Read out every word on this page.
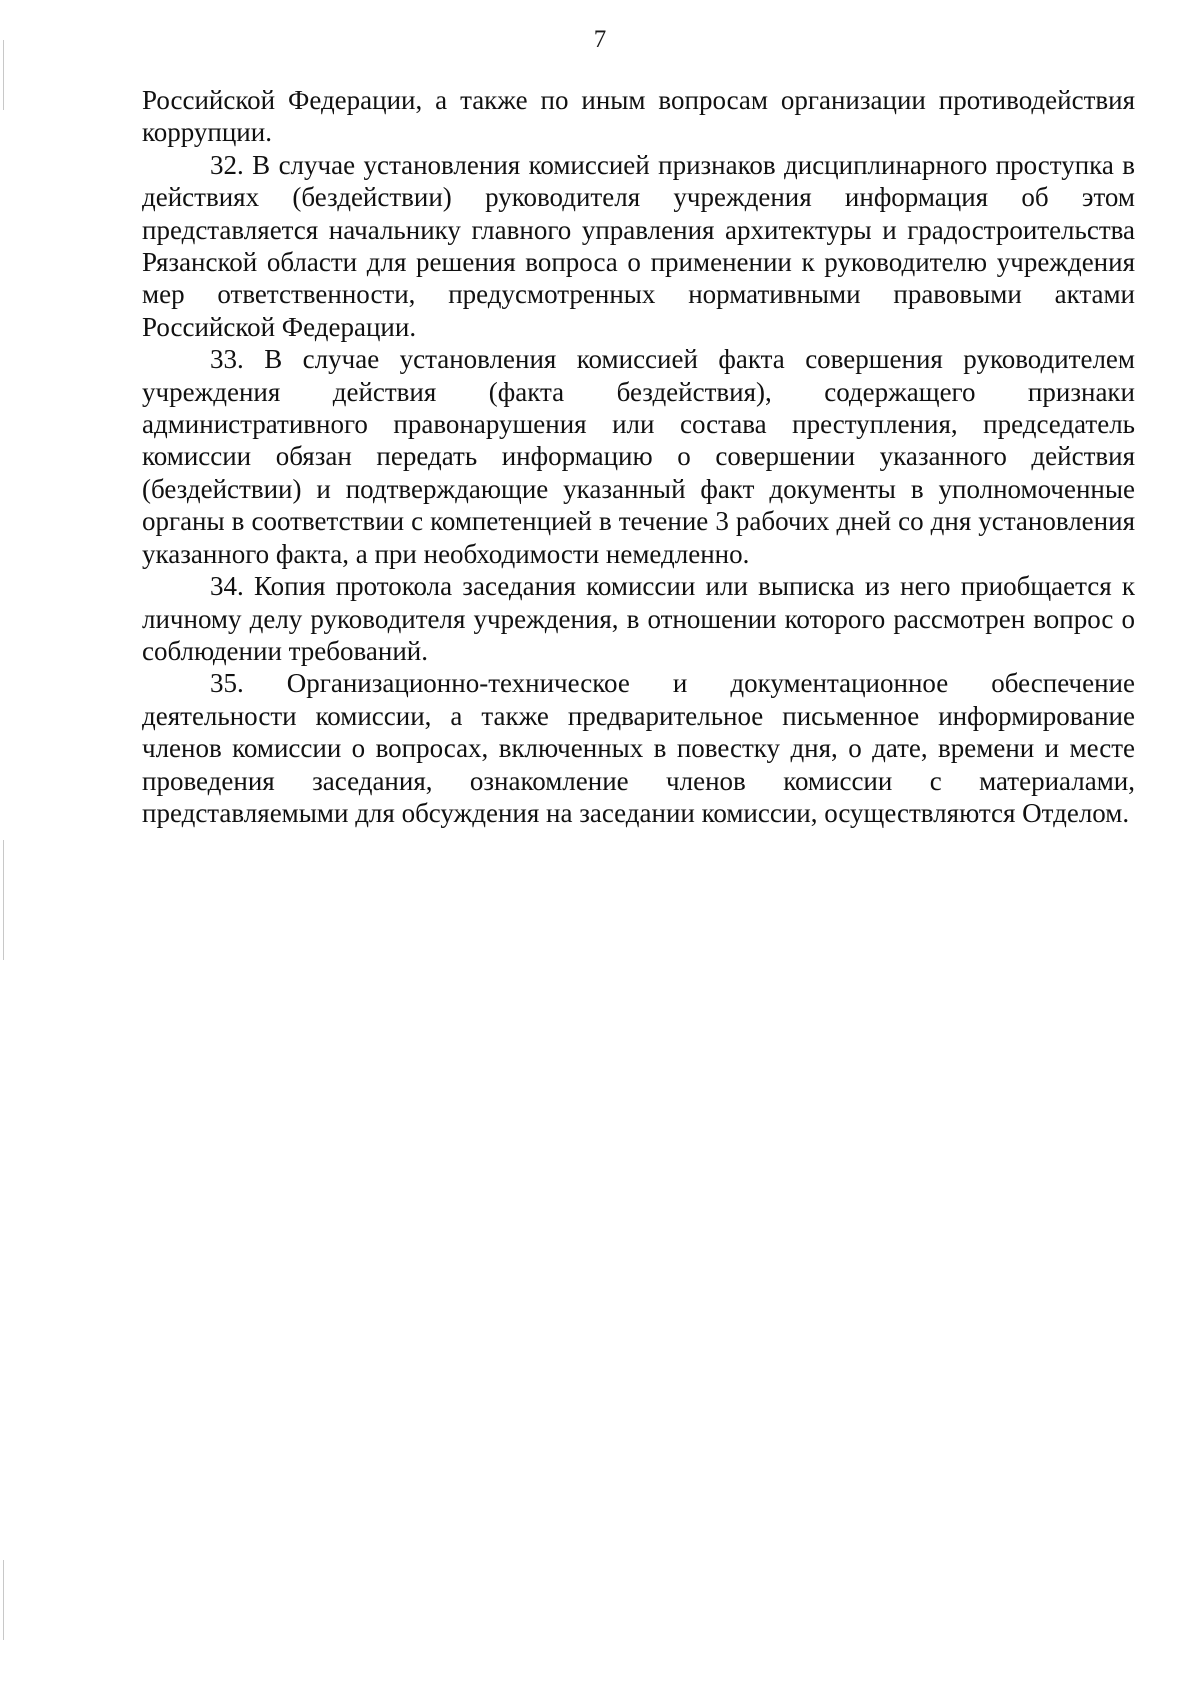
7

Российской Федерации, а также по иным вопросам организации противодействия коррупции.

32. В случае установления комиссией признаков дисциплинарного проступка в действиях (бездействии) руководителя учреждения информация об этом представляется начальнику главного управления архитектуры и градостроительства Рязанской области для решения вопроса о применении к руководителю учреждения мер ответственности, предусмотренных нормативными правовыми актами Российской Федерации.

33. В случае установления комиссией факта совершения руководителем учреждения действия (факта бездействия), содержащего признаки административного правонарушения или состава преступления, председатель комиссии обязан передать информацию о совершении указанного действия (бездействии) и подтверждающие указанный факт документы в уполномоченные органы в соответствии с компетенцией в течение 3 рабочих дней со дня установления указанного факта, а при необходимости немедленно.

34. Копия протокола заседания комиссии или выписка из него приобщается к личному делу руководителя учреждения, в отношении которого рассмотрен вопрос о соблюдении требований.

35. Организационно-техническое и документационное обеспечение деятельности комиссии, а также предварительное письменное информирование членов комиссии о вопросах, включенных в повестку дня, о дате, времени и месте проведения заседания, ознакомление членов комиссии с материалами, представляемыми для обсуждения на заседании комиссии, осуществляются Отделом.
